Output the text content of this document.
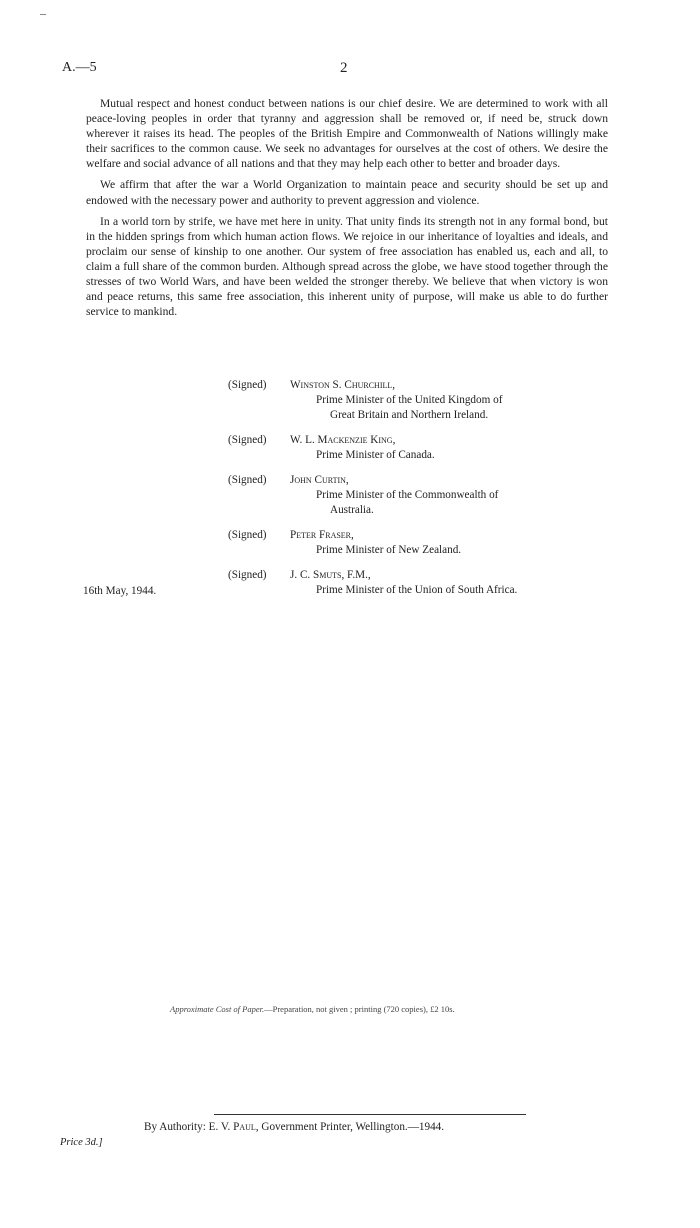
A.—5	2

Mutual respect and honest conduct between nations is our chief desire. We are determined to work with all peace-loving peoples in order that tyranny and aggression shall be removed or, if need be, struck down wherever it raises its head. The peoples of the British Empire and Commonwealth of Nations willingly make their sacrifices to the common cause. We seek no advantages for ourselves at the cost of others. We desire the welfare and social advance of all nations and that they may help each other to better and broader days.

We affirm that after the war a World Organization to maintain peace and security should be set up and endowed with the necessary power and authority to prevent aggression and violence.

In a world torn by strife, we have met here in unity. That unity finds its strength not in any formal bond, but in the hidden springs from which human action flows. We rejoice in our inheritance of loyalties and ideals, and proclaim our sense of kinship to one another. Our system of free association has enabled us, each and all, to claim a full share of the common burden. Although spread across the globe, we have stood together through the stresses of two World Wars, and have been welded the stronger thereby. We believe that when victory is won and peace returns, this same free association, this inherent unity of purpose, will make us able to do further service to mankind.

(Signed)	Winston S. Churchill,
Prime Minister of the United Kingdom of
Great Britain and Northern Ireland.
(Signed)	W. L. Mackenzie King,
Prime Minister of Canada.
(Signed)	John Curtin,
Prime Minister of the Commonwealth of
Australia.
(Signed)	Peter Fraser,
Prime Minister of New Zealand.
(Signed)	J. C. Smuts, F.M.,
Prime Minister of the Union of South Africa.
16th May, 1944.
Approximate Cost of Paper.—Preparation, not given ; printing (720 copies), £2 10s.
By Authority: E. V. Paul, Government Printer, Wellington.—1944.
Price 3d.]
